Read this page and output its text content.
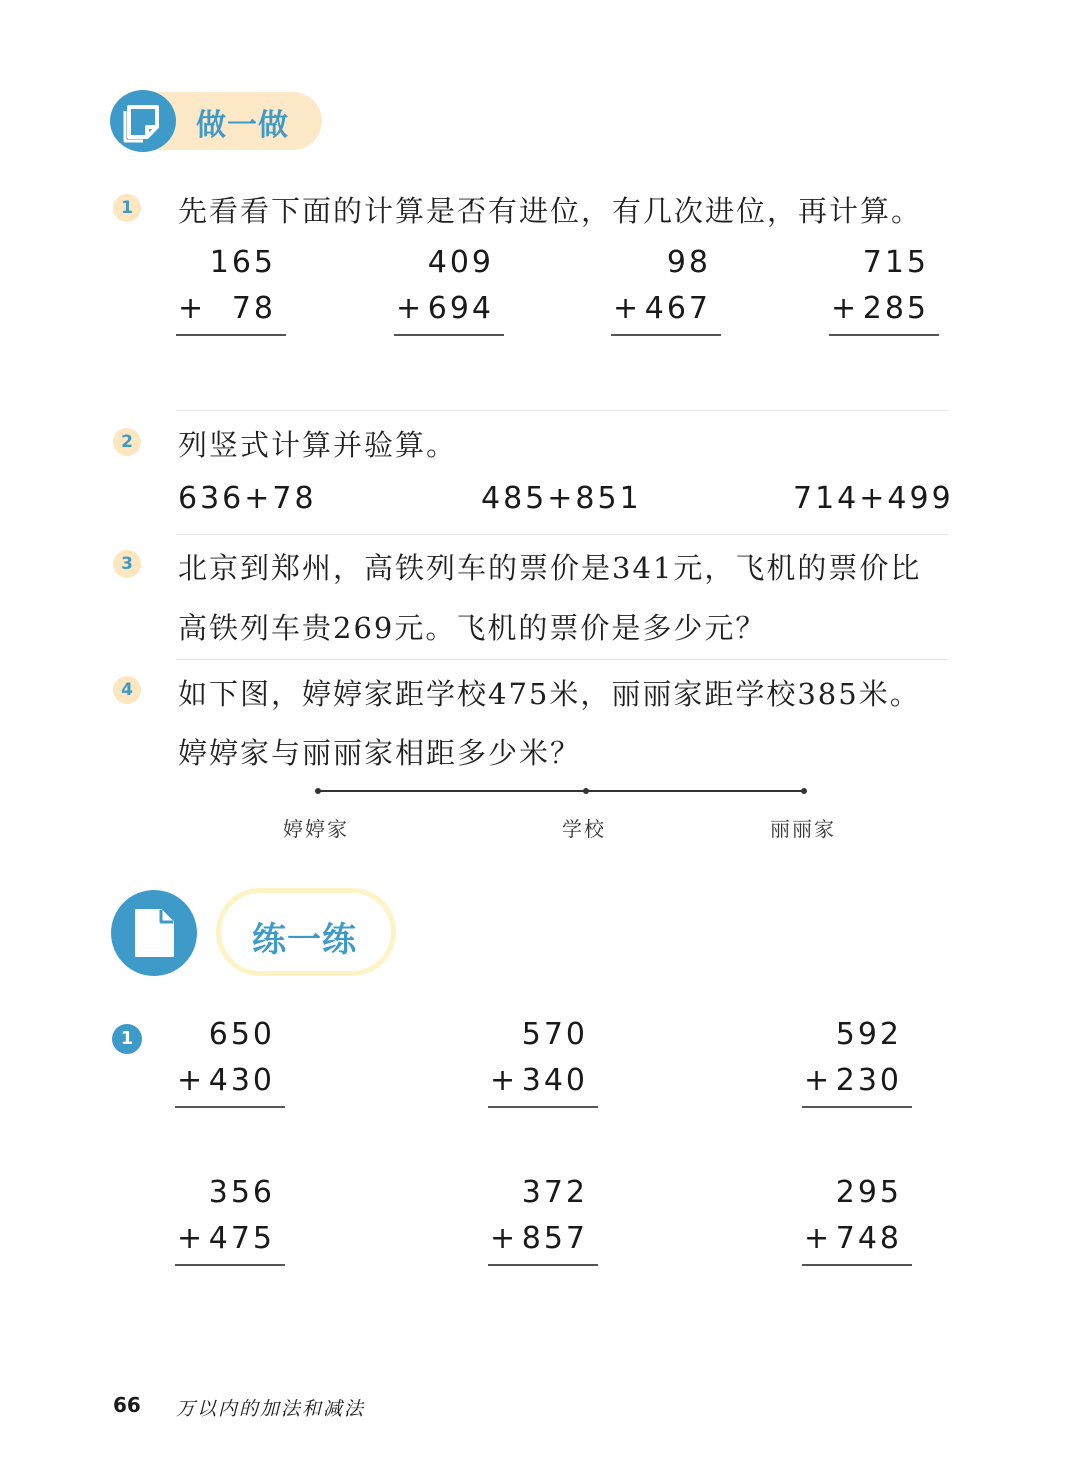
做一做
1 先看看下面的计算是否有进位，有几次进位，再计算。
165
+ 78
409
+ 694
98
+ 467
715
+ 285
2 列竖式计算并验算。
636+78	485+851	714+499
3 北京到郑州，高铁列车的票价是341元，飞机的票价比
高铁列车贵269元。飞机的票价是多少元？
4 如下图，婷婷家距学校475米，丽丽家距学校385米。
婷婷家与丽丽家相距多少米？
婷婷家	学校	丽丽家
练一练
1	650
+ 430
570
+ 340
592
+ 230
356
+ 475
372
+ 857
295
+ 748
66 万以内的加法和减法
